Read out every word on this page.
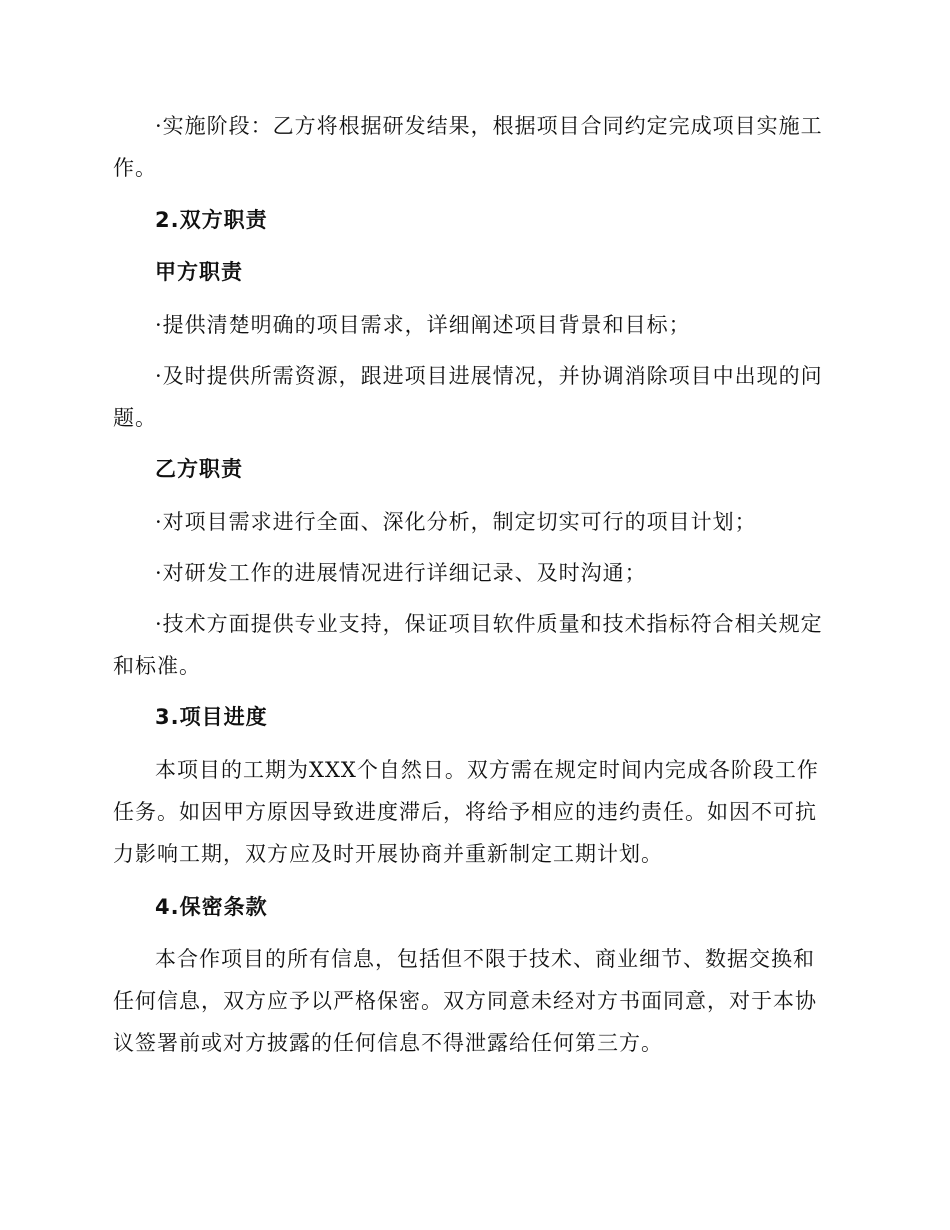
·实施阶段：乙方将根据研发结果，根据项目合同约定完成项目实施工作。

2.双方职责
甲方职责

·提供清楚明确的项目需求，详细阐述项目背景和目标；

·及时提供所需资源，跟进项目进展情况，并协调消除项目中出现的问题。

乙方职责

·对项目需求进行全面、深化分析，制定切实可行的项目计划；

·对研发工作的进展情况进行详细记录、及时沟通；

·技术方面提供专业支持，保证项目软件质量和技术指标符合相关规定和标准。

3.项目进度

本项目的工期为XXX个自然日。双方需在规定时间内完成各阶段工作任务。如因甲方原因导致进度滞后，将给予相应的违约责任。如因不可抗力影响工期，双方应及时开展协商并重新制定工期计划。

4.保密条款

本合作项目的所有信息，包括但不限于技术、商业细节、数据交换和任何信息，双方应予以严格保密。双方同意未经对方书面同意，对于本协议签署前或对方披露的任何信息不得泄露给任何第三方。
